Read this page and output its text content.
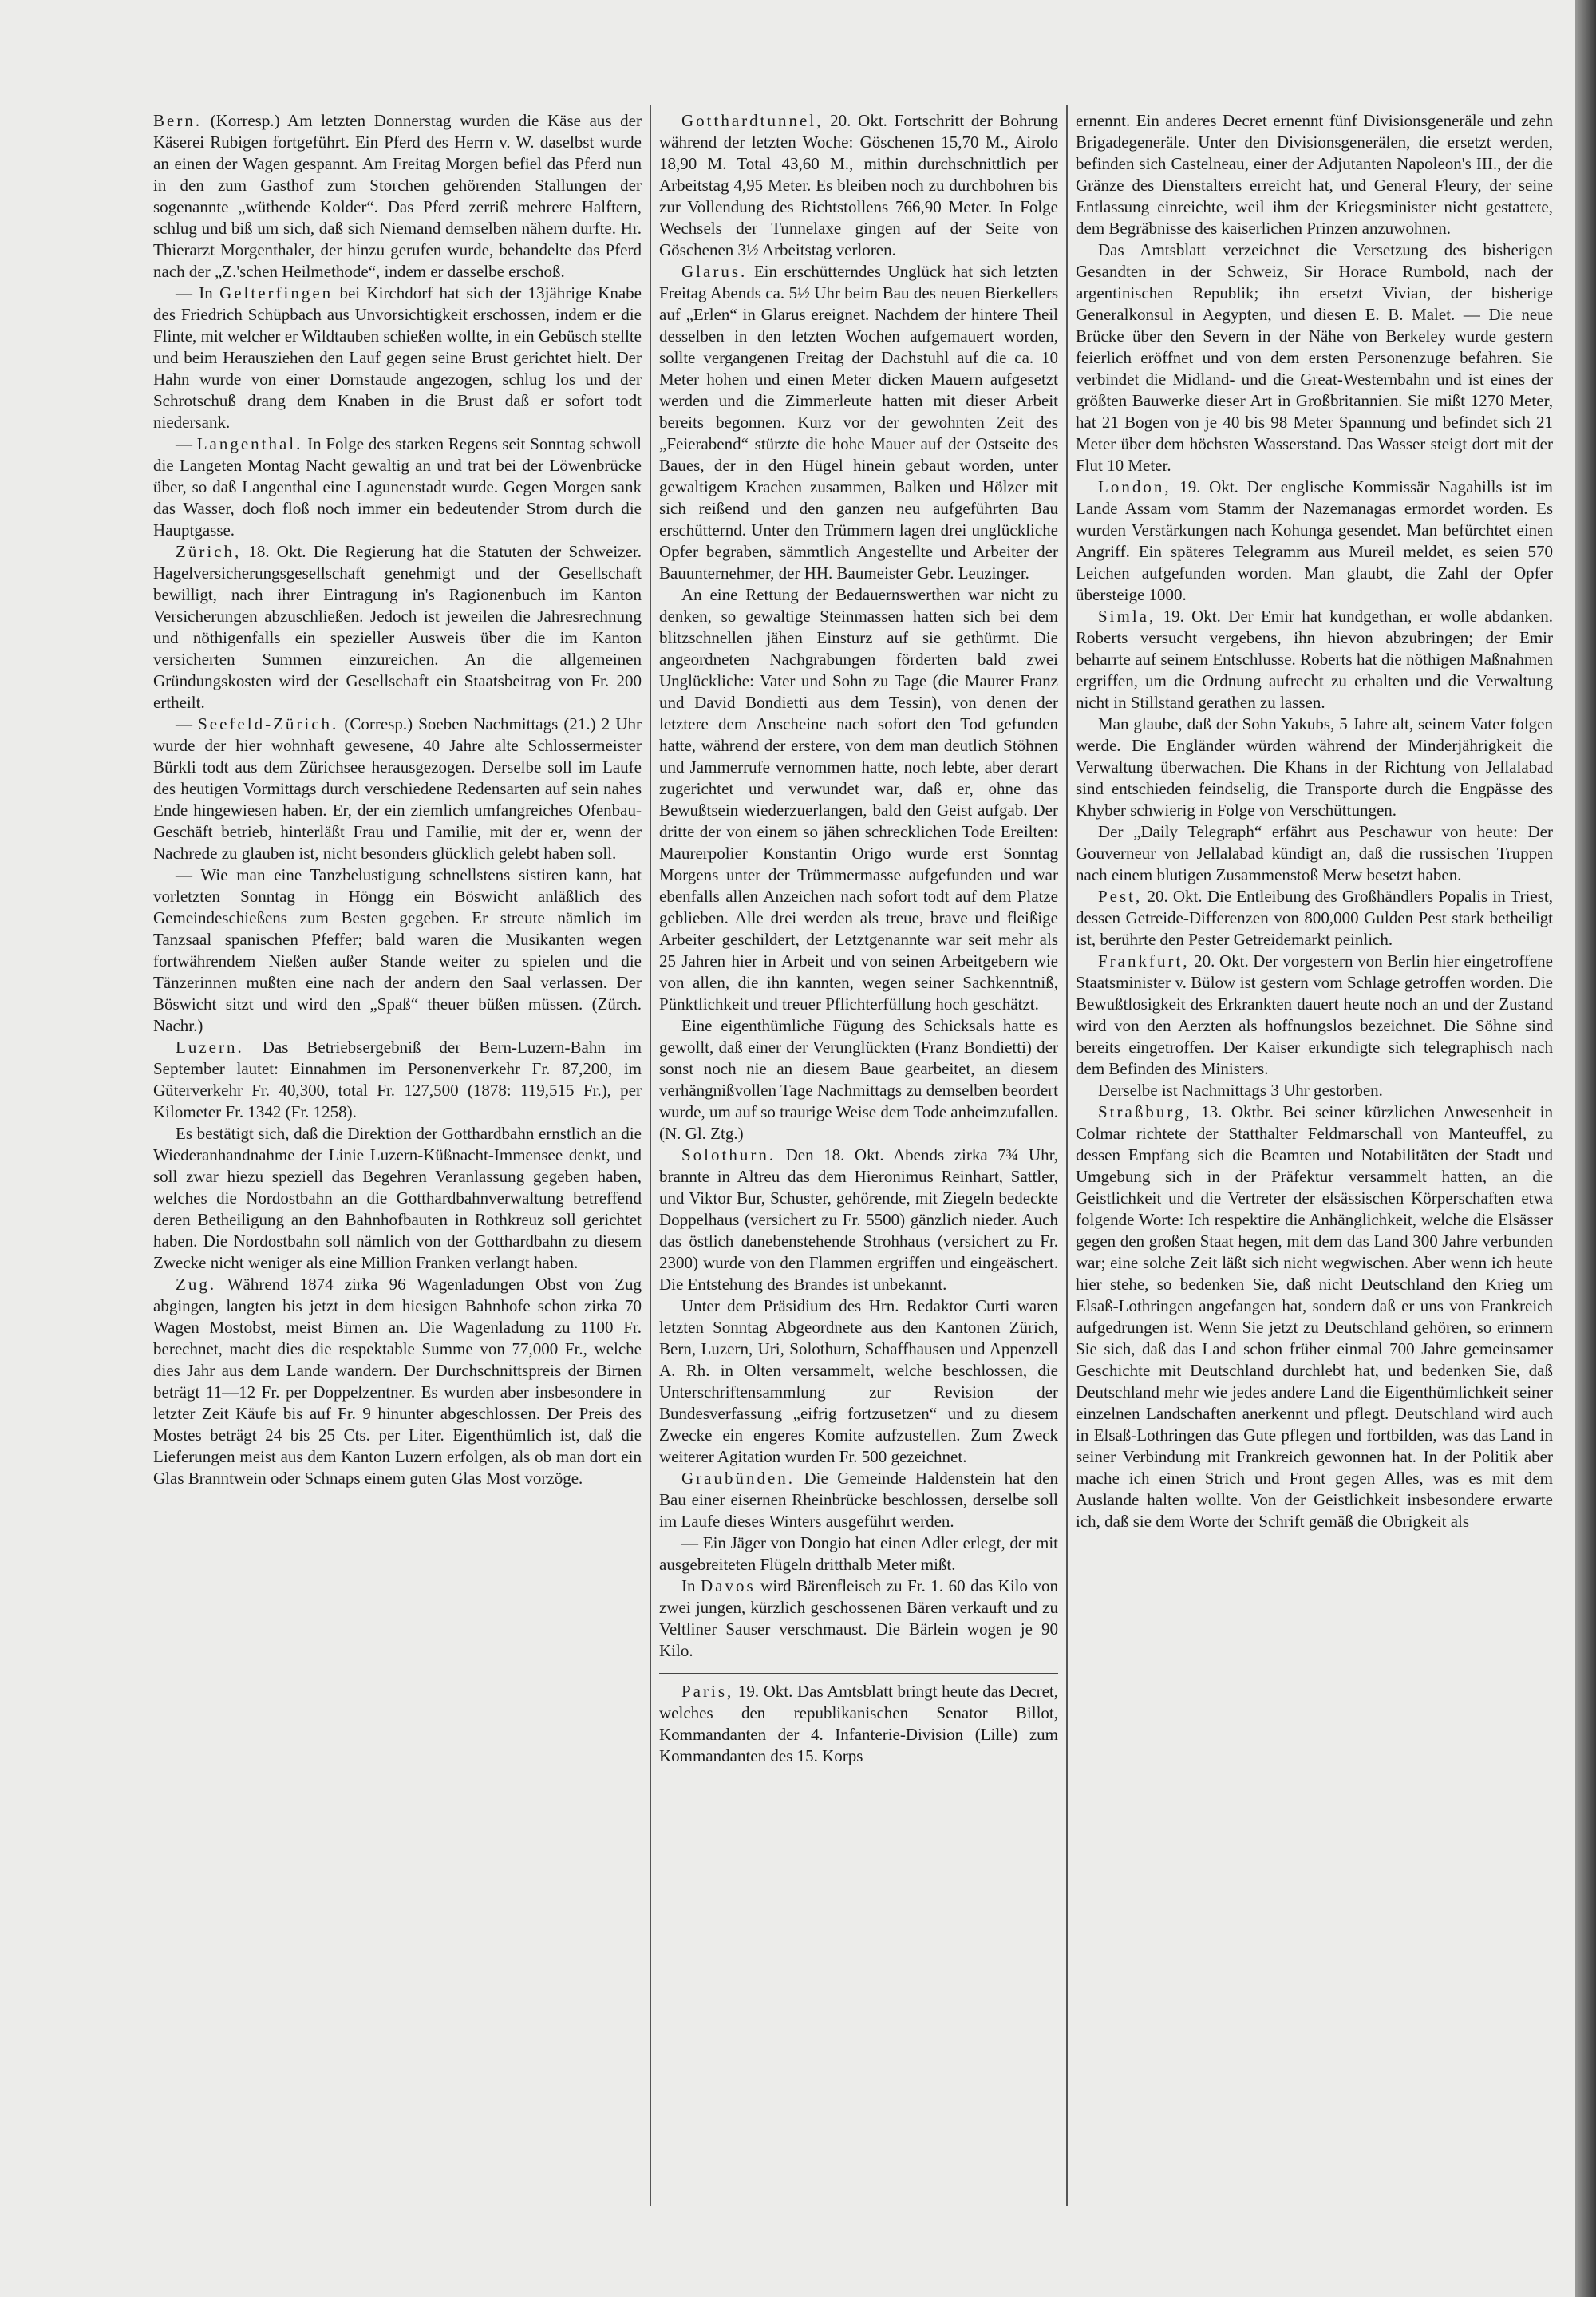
Bern. (Korresp.) Am letzten Donnerstag wurden die Käse aus der Käserei Rubigen fortgeführt. Ein Pferd des Herrn v. W. daselbst wurde an einen der Wagen gespannt. Am Freitag Morgen befiel das Pferd nun in den zum Gasthof zum Storchen gehörenden Stallungen der sogenannte „wüthende Kolder“. Das Pferd zerriß mehrere Halftern, schlug und biß um sich, daß sich Niemand demselben nähern durfte. Hr. Thierarzt Morgenthaler, der hinzu gerufen wurde, behandelte das Pferd nach der „Z.'schen Heilmethode“, indem er dasselbe erschoß.

— In Gelterfingen bei Kirchdorf hat sich der 13jährige Knabe des Friedrich Schüpbach aus Unvorsichtigkeit erschossen, indem er die Flinte, mit welcher er Wildtauben schießen wollte, in ein Gebüsch stellte und beim Herausziehen den Lauf gegen seine Brust gerichtet hielt. Der Hahn wurde von einer Dornstaude angezogen, schlug los und der Schrotschuß drang dem Knaben in die Brust daß er sofort todt niedersank.

— Langenthal. In Folge des starken Regens seit Sonntag schwoll die Langeten Montag Nacht gewaltig an und trat bei der Löwenbrücke über, so daß Langenthal eine Lagunenstadt wurde. Gegen Morgen sank das Wasser, doch floß noch immer ein bedeutender Strom durch die Hauptgasse.

Zürich, 18. Okt. Die Regierung hat die Statuten der Schweizer. Hagelversicherungsgesellschaft genehmigt und der Gesellschaft bewilligt, nach ihrer Eintragung in's Ragionenbuch im Kanton Versicherungen abzuschließen. Jedoch ist jeweilen die Jahresrechnung und nöthigenfalls ein spezieller Ausweis über die im Kanton versicherten Summen einzureichen. An die allgemeinen Gründungskosten wird der Gesellschaft ein Staatsbeitrag von Fr. 200 ertheilt.

— Seefeld-Zürich. (Corresp.) Soeben Nachmittags (21.) 2 Uhr wurde der hier wohnhaft gewesene, 40 Jahre alte Schlossermeister Bürkli todt aus dem Zürichsee herausgezogen. Derselbe soll im Laufe des heutigen Vormittags durch verschiedene Redensarten auf sein nahes Ende hingewiesen haben. Er, der ein ziemlich umfangreiches Ofenbau-Geschäft betrieb, hinterläßt Frau und Familie, mit der er, wenn der Nachrede zu glauben ist, nicht besonders glücklich gelebt haben soll.

— Wie man eine Tanzbelustigung schnellstens sistiren kann, hat vorletzten Sonntag in Höngg ein Böswicht anläßlich des Gemeindeschießens zum Besten gegeben. Er streute nämlich im Tanzsaal spanischen Pfeffer; bald waren die Musikanten wegen fortwährendem Nießen außer Stande weiter zu spielen und die Tänzerinnen mußten eine nach der andern den Saal verlassen. Der Böswicht sitzt und wird den „Spaß“ theuer büßen müssen. (Zürch. Nachr.)

Luzern. Das Betriebsergebniß der Bern-Luzern-Bahn im September lautet: Einnahmen im Personenverkehr Fr. 87,200, im Güterverkehr Fr. 40,300, total Fr. 127,500 (1878: 119,515 Fr.), per Kilometer Fr. 1342 (Fr. 1258).

Es bestätigt sich, daß die Direktion der Gotthardbahn ernstlich an die Wiederanhandnahme der Linie Luzern-Küßnacht-Immensee denkt, und soll zwar hiezu speziell das Begehren Veranlassung gegeben haben, welches die Nordostbahn an die Gotthardbahnverwaltung betreffend deren Betheiligung an den Bahnhofbauten in Rothkreuz soll gerichtet haben. Die Nordostbahn soll nämlich von der Gotthardbahn zu diesem Zwecke nicht weniger als eine Million Franken verlangt haben.

Zug. Während 1874 zirka 96 Wagenladungen Obst von Zug abgingen, langten bis jetzt in dem hiesigen Bahnhofe schon zirka 70 Wagen Mostobst, meist Birnen an. Die Wagenladung zu 1100 Fr. berechnet, macht dies die respektable Summe von 77,000 Fr., welche dies Jahr aus dem Lande wandern. Der Durchschnittspreis der Birnen beträgt 11—12 Fr. per Doppelzentner. Es wurden aber insbesondere in letzter Zeit Käufe bis auf Fr. 9 hinunter abgeschlossen. Der Preis des Mostes beträgt 24 bis 25 Cts. per Liter. Eigenthümlich ist, daß die Lieferungen meist aus dem Kanton Luzern erfolgen, als ob man dort ein Glas Branntwein oder Schnaps einem guten Glas Most vorzöge.

Gotthardtunnel, 20. Okt. Fortschritt der Bohrung während der letzten Woche: Göschenen 15,70 M., Airolo 18,90 M. Total 43,60 M., mithin durchschnittlich per Arbeitstag 4,95 Meter. Es bleiben noch zu durchbohren bis zur Vollendung des Richtstollens 766,90 Meter. In Folge Wechsels der Tunnelaxe gingen auf der Seite von Göschenen 3½ Arbeitstag verloren.

Glarus. Ein erschütterndes Unglück hat sich letzten Freitag Abends ca. 5½ Uhr beim Bau des neuen Bierkellers auf „Erlen“ in Glarus ereignet. Nachdem der hintere Theil desselben in den letzten Wochen aufgemauert worden, sollte vergangenen Freitag der Dachstuhl auf die ca. 10 Meter hohen und einen Meter dicken Mauern aufgesetzt werden und die Zimmerleute hatten mit dieser Arbeit bereits begonnen. Kurz vor der gewohnten Zeit des „Feierabend“ stürzte die hohe Mauer auf der Ostseite des Baues, der in den Hügel hinein gebaut worden, unter gewaltigem Krachen zusammen, Balken und Hölzer mit sich reißend und den ganzen neu aufgeführten Bau erschütternd. Unter den Trümmern lagen drei unglückliche Opfer begraben, sämmtlich Angestellte und Arbeiter der Bauunternehmer, der HH. Baumeister Gebr. Leuzinger.

An eine Rettung der Bedauernswerthen war nicht zu denken, so gewaltige Steinmassen hatten sich bei dem blitzschnellen jähen Einsturz auf sie gethürmt. Die angeordneten Nachgrabungen förderten bald zwei Unglückliche: Vater und Sohn zu Tage (die Maurer Franz und David Bondietti aus dem Tessin), von denen der letztere dem Anscheine nach sofort den Tod gefunden hatte, während der erstere, von dem man deutlich Stöhnen und Jammerrufe vernommen hatte, noch lebte, aber derart zugerichtet und verwundet war, daß er, ohne das Bewußtsein wiederzuerlangen, bald den Geist aufgab. Der dritte der von einem so jähen schrecklichen Tode Ereilten: Maurerpolier Konstantin Origo wurde erst Sonntag Morgens unter der Trümmermasse aufgefunden und war ebenfalls allen Anzeichen nach sofort todt auf dem Platze geblieben. Alle drei werden als treue, brave und fleißige Arbeiter geschildert, der Letztgenannte war seit mehr als 25 Jahren hier in Arbeit und von seinen Arbeitgebern wie von allen, die ihn kannten, wegen seiner Sachkenntniß, Pünktlichkeit und treuer Pflichterfüllung hoch geschätzt.

Eine eigenthümliche Fügung des Schicksals hatte es gewollt, daß einer der Verunglückten (Franz Bondietti) der sonst noch nie an diesem Baue gearbeitet, an diesem verhängnißvollen Tage Nachmittags zu demselben beordert wurde, um auf so traurige Weise dem Tode anheimzufallen. (N. Gl. Ztg.)

Solothurn. Den 18. Okt. Abends zirka 7¾ Uhr, brannte in Altreu das dem Hieronimus Reinhart, Sattler, und Viktor Bur, Schuster, gehörende, mit Ziegeln bedeckte Doppelhaus (versichert zu Fr. 5500) gänzlich nieder. Auch das östlich danebenstehende Strohhaus (versichert zu Fr. 2300) wurde von den Flammen ergriffen und eingeäschert. Die Entstehung des Brandes ist unbekannt.

Unter dem Präsidium des Hrn. Redaktor Curti waren letzten Sonntag Abgeordnete aus den Kantonen Zürich, Bern, Luzern, Uri, Solothurn, Schaffhausen und Appenzell A. Rh. in Olten versammelt, welche beschlossen, die Unterschriftensammlung zur Revision der Bundesverfassung „eifrig fortzusetzen“ und zu diesem Zwecke ein engeres Komite aufzustellen. Zum Zweck weiterer Agitation wurden Fr. 500 gezeichnet.

Graubünden. Die Gemeinde Haldenstein hat den Bau einer eisernen Rheinbrücke beschlossen, derselbe soll im Laufe dieses Winters ausgeführt werden.

— Ein Jäger von Dongio hat einen Adler erlegt, der mit ausgebreiteten Flügeln dritthalb Meter mißt.

In Davos wird Bärenfleisch zu Fr. 1. 60 das Kilo von zwei jungen, kürzlich geschossenen Bären verkauft und zu Veltliner Sauser verschmaust. Die Bärlein wogen je 90 Kilo.

Paris, 19. Okt. Das Amtsblatt bringt heute das Decret, welches den republikanischen Senator Billot, Kommandanten der 4. Infanterie-Division (Lille) zum Kommandanten des 15. Korps

ernennt. Ein anderes Decret ernennt fünf Divisionsgeneräle und zehn Brigadegeneräle. Unter den Divisionsgenerälen, die ersetzt werden, befinden sich Castelneau, einer der Adjutanten Napoleon's III., der die Gränze des Dienstalters erreicht hat, und General Fleury, der seine Entlassung einreichte, weil ihm der Kriegsminister nicht gestattete, dem Begräbnisse des kaiserlichen Prinzen anzuwohnen.

Das Amtsblatt verzeichnet die Versetzung des bisherigen Gesandten in der Schweiz, Sir Horace Rumbold, nach der argentinischen Republik; ihn ersetzt Vivian, der bisherige Generalkonsul in Aegypten, und diesen E. B. Malet. — Die neue Brücke über den Severn in der Nähe von Berkeley wurde gestern feierlich eröffnet und von dem ersten Personenzuge befahren. Sie verbindet die Midland- und die Great-Westernbahn und ist eines der größten Bauwerke dieser Art in Großbritannien. Sie mißt 1270 Meter, hat 21 Bogen von je 40 bis 98 Meter Spannung und befindet sich 21 Meter über dem höchsten Wasserstand. Das Wasser steigt dort mit der Flut 10 Meter.

London, 19. Okt. Der englische Kommissär Nagahills ist im Lande Assam vom Stamm der Nazemanagas ermordet worden. Es wurden Verstärkungen nach Kohunga gesendet. Man befürchtet einen Angriff. Ein späteres Telegramm aus Mureil meldet, es seien 570 Leichen aufgefunden worden. Man glaubt, die Zahl der Opfer übersteige 1000.

Simla, 19. Okt. Der Emir hat kundgethan, er wolle abdanken. Roberts versucht vergebens, ihn hievon abzubringen; der Emir beharrte auf seinem Entschlusse. Roberts hat die nöthigen Maßnahmen ergriffen, um die Ordnung aufrecht zu erhalten und die Verwaltung nicht in Stillstand gerathen zu lassen.

Man glaube, daß der Sohn Yakubs, 5 Jahre alt, seinem Vater folgen werde. Die Engländer würden während der Minderjährigkeit die Verwaltung überwachen. Die Khans in der Richtung von Jellalabad sind entschieden feindselig, die Transporte durch die Engpässe des Khyber schwierig in Folge von Verschüttungen.

Der „Daily Telegraph“ erfährt aus Peschawur von heute: Der Gouverneur von Jellalabad kündigt an, daß die russischen Truppen nach einem blutigen Zusammenstoß Merw besetzt haben.

Pest, 20. Okt. Die Entleibung des Großhändlers Popalis in Triest, dessen Getreide-Differenzen von 800,000 Gulden Pest stark betheiligt ist, berührte den Pester Getreidemarkt peinlich.

Frankfurt, 20. Okt. Der vorgestern von Berlin hier eingetroffene Staatsminister v. Bülow ist gestern vom Schlage getroffen worden. Die Bewußtlosigkeit des Erkrankten dauert heute noch an und der Zustand wird von den Aerzten als hoffnungslos bezeichnet. Die Söhne sind bereits eingetroffen. Der Kaiser erkundigte sich telegraphisch nach dem Befinden des Ministers.

Derselbe ist Nachmittags 3 Uhr gestorben.

Straßburg, 13. Oktbr. Bei seiner kürzlichen Anwesenheit in Colmar richtete der Statthalter Feldmarschall von Manteuffel, zu dessen Empfang sich die Beamten und Notabilitäten der Stadt und Umgebung sich in der Präfektur versammelt hatten, an die Geistlichkeit und die Vertreter der elsässischen Körperschaften etwa folgende Worte: Ich respektire die Anhänglichkeit, welche die Elsässer gegen den großen Staat hegen, mit dem das Land 300 Jahre verbunden war; eine solche Zeit läßt sich nicht wegwischen. Aber wenn ich heute hier stehe, so bedenken Sie, daß nicht Deutschland den Krieg um Elsaß-Lothringen angefangen hat, sondern daß er uns von Frankreich aufgedrungen ist. Wenn Sie jetzt zu Deutschland gehören, so erinnern Sie sich, daß das Land schon früher einmal 700 Jahre gemeinsamer Geschichte mit Deutschland durchlebt hat, und bedenken Sie, daß Deutschland mehr wie jedes andere Land die Eigenthümlichkeit seiner einzelnen Landschaften anerkennt und pflegt. Deutschland wird auch in Elsaß-Lothringen das Gute pflegen und fortbilden, was das Land in seiner Verbindung mit Frankreich gewonnen hat. In der Politik aber mache ich einen Strich und Front gegen Alles, was es mit dem Auslande halten wollte. Von der Geistlichkeit insbesondere erwarte ich, daß sie dem Worte der Schrift gemäß die Obrigkeit als
